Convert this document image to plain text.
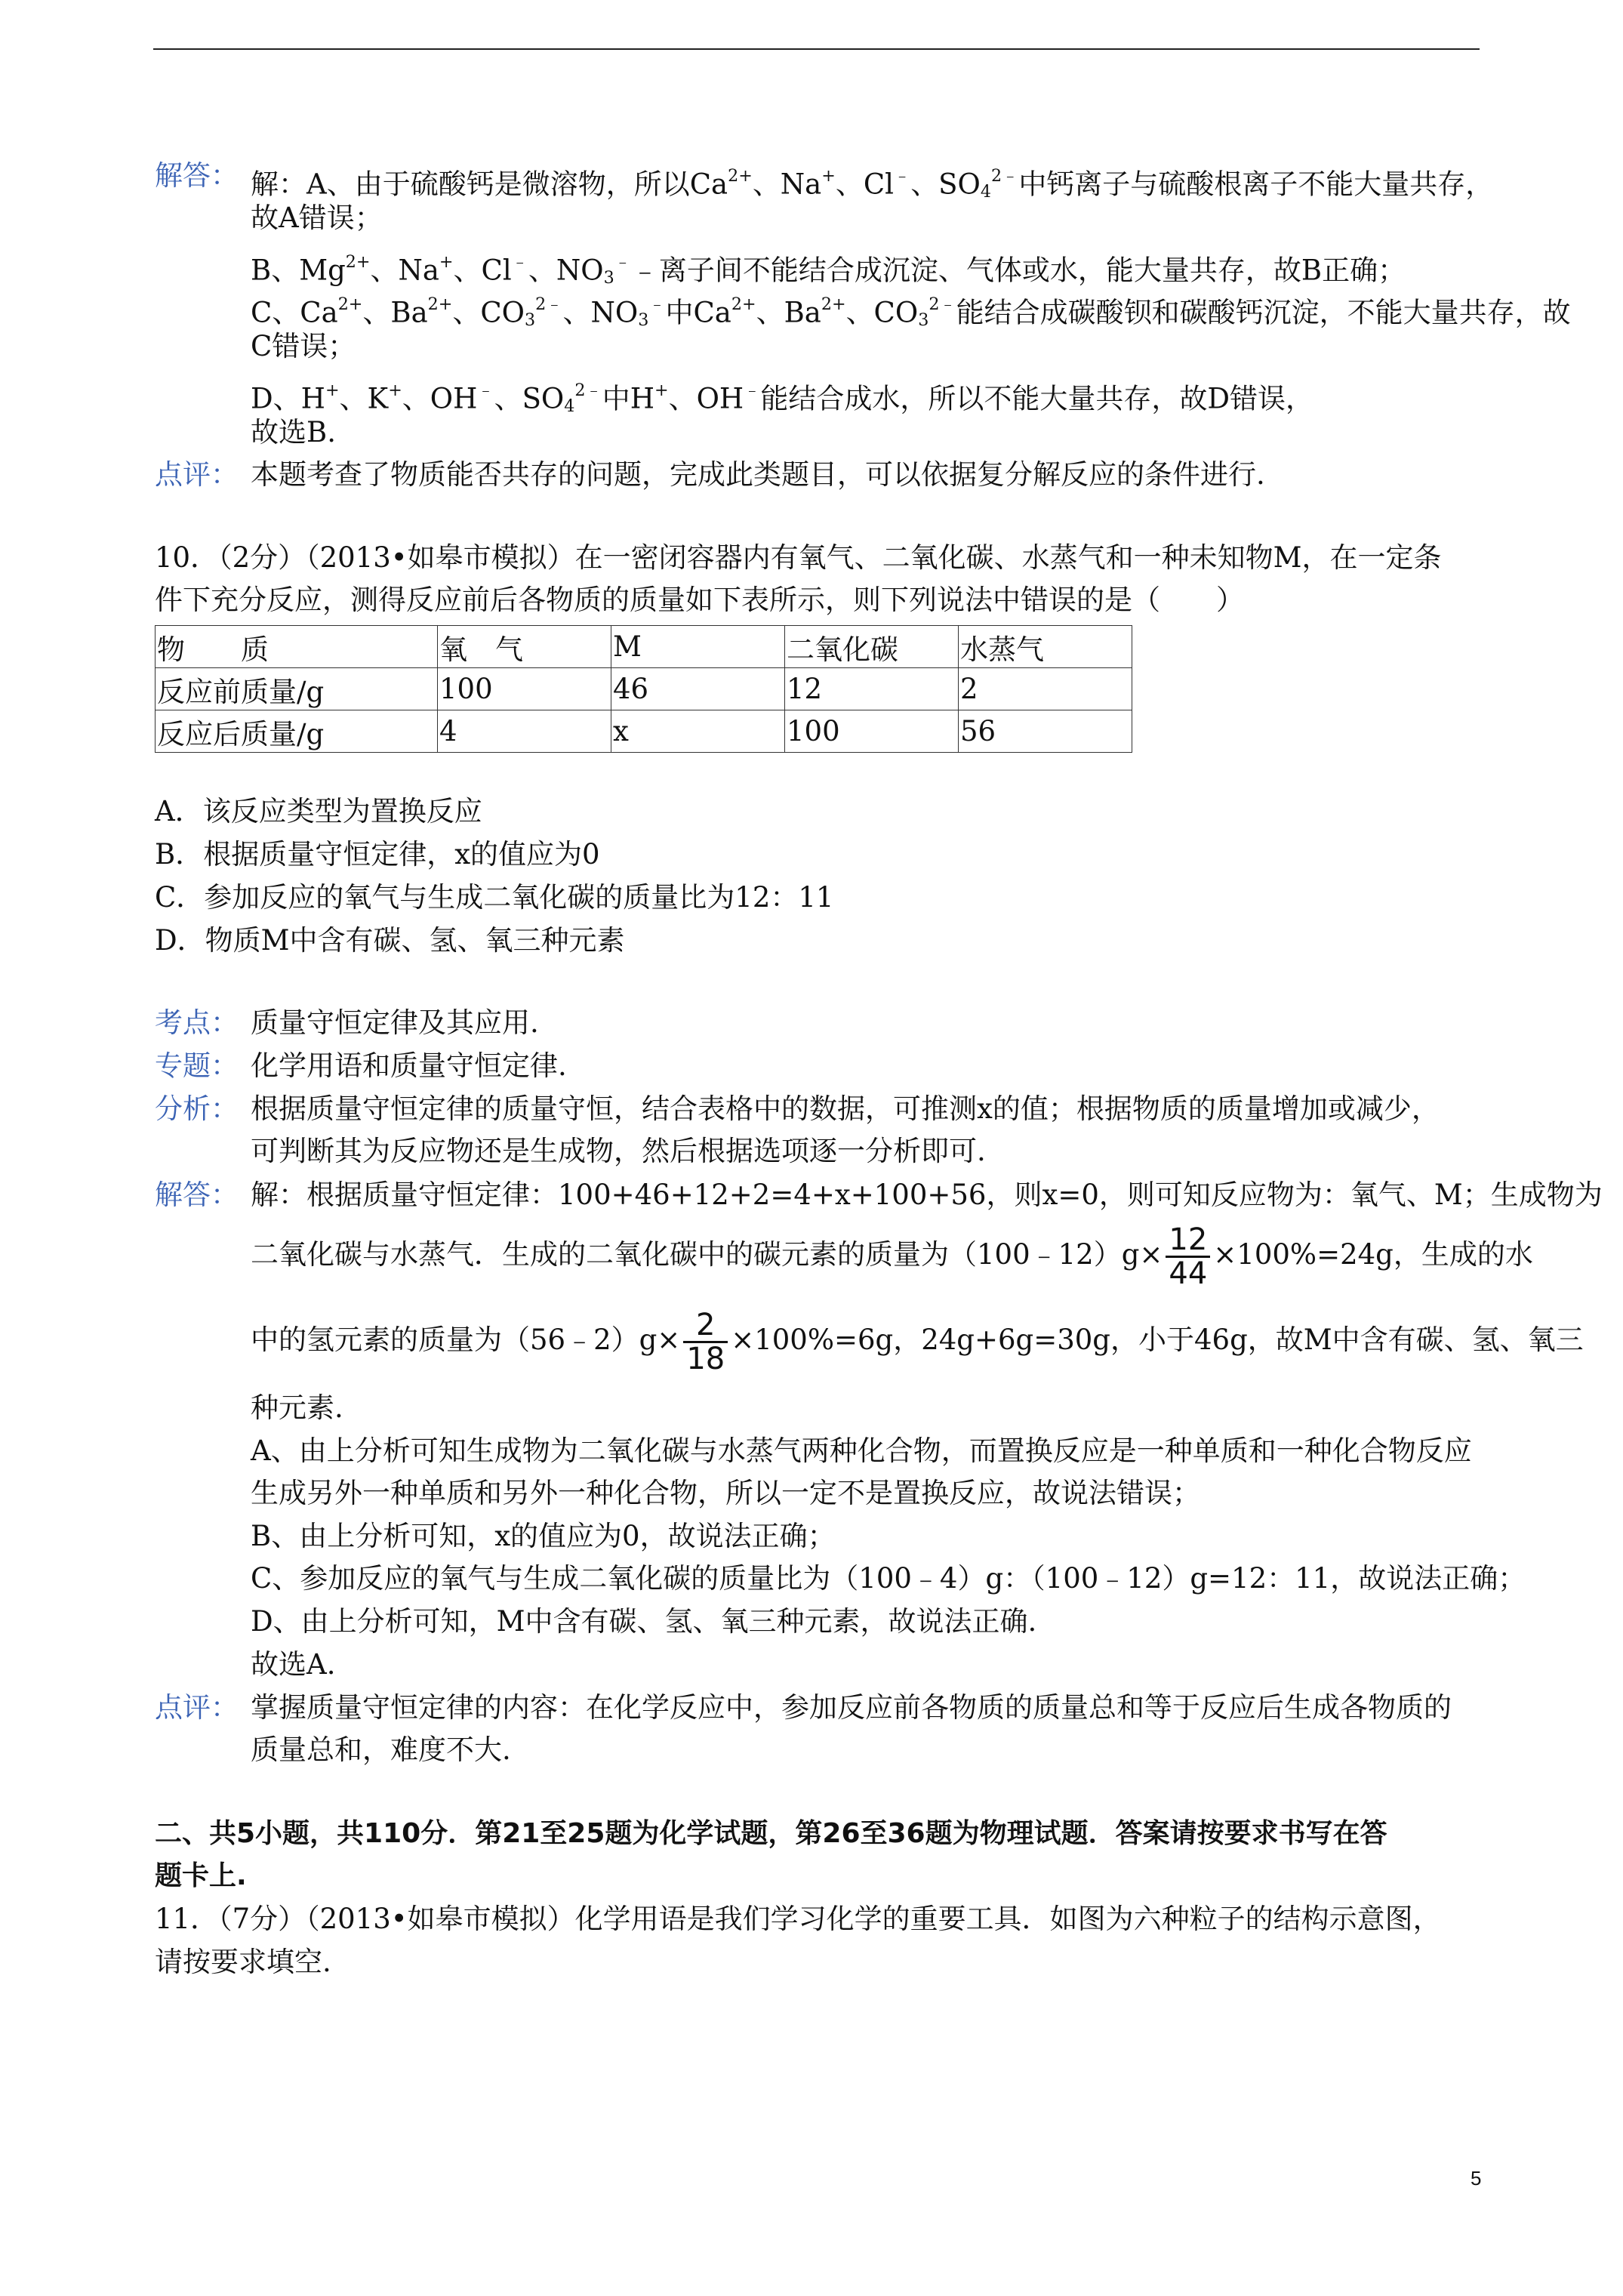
解答： 解：A、由于硫酸钙是微溶物，所以$Ca^{2+}$、Na+、Cl﹣、$SO_4^{2﹣}$中钙离子与硫酸根离子不能大量共存，
故A错误；
B、$Mg^{2+}$、Na+、Cl﹣、$NO_3^﹣﹣$离子间不能结合成沉淀、气体或水，能大量共存，故B正确；
C、$Ca^{2+}$、$Ba^{2+}$、$CO_3^{2﹣}$、$NO_3^﹣$中$Ca^{2+}$、$Ba^{2+}$、$CO_3^{2﹣}$能结合成碳酸钡和碳酸钙沉淀，不能大量共存，故
C错误；
D、H+、K+、OH﹣、$SO_4^{2﹣}$中H+、OH﹣能结合成水，所以不能大量共存，故D错误，
故选B.
点评： 本题考查了物质能否共存的问题，完成此类题目，可以依据复分解反应的条件进行.
10．（2分）（2013•如皋市模拟）在一密闭容器内有氧气、二氧化碳、水蒸气和一种未知物M，在一定条
件下充分反应，测得反应前后各物质的质量如下表所示，则下列说法中错误的是（　　）
物　　质	氧　气	M	二氧化碳	水蒸气
反应前质量/g	100	46	12	2
反应后质量/g	4	x	100	56
A．该反应类型为置换反应
B．根据质量守恒定律，x的值应为0
C．参加反应的氧气与生成二氧化碳的质量比为12：11
D．物质M中含有碳、氢、氧三种元素
考点： 质量守恒定律及其应用.
专题： 化学用语和质量守恒定律.
分析： 根据质量守恒定律的质量守恒，结合表格中的数据，可推测x的值；根据物质的质量增加或减少，
可判断其为反应物还是生成物，然后根据选项逐一分析即可.
解答： 解：根据质量守恒定律：100+46+12+2=4+x+100+56，则x=0，则可知反应物为：氧气、M；生成物为
二氧化碳与水蒸气．生成的二氧化碳中的碳元素的质量为（100﹣12）g× $\frac{12}{44} \times 100\%=24g$，生成的水
中的氢元素的质量为（56﹣2）g× $\frac{2}{18} \times 100\%=6g$，24g+6g=30g，小于46g，故M中含有碳、氢、氧三
种元素.
A、由上分析可知生成物为二氧化碳与水蒸气两种化合物，而置换反应是一种单质和一种化合物反应
生成另外一种单质和另外一种化合物，所以一定不是置换反应，故说法错误；
B、由上分析可知，x的值应为0，故说法正确；
C、参加反应的氧气与生成二氧化碳的质量比为（100﹣4）g：（100﹣12）g=12：11，故说法正确；
D、由上分析可知，M中含有碳、氢、氧三种元素，故说法正确.
故选A.
点评： 掌握质量守恒定律的内容：在化学反应中，参加反应前各物质的质量总和等于反应后生成各物质的
质量总和，难度不大.
二、共5小题，共110分．第21至25题为化学试题，第26至36题为物理试题．答案请按要求书写在答
题卡上.
11．（7分）（2013•如皋市模拟）化学用语是我们学习化学的重要工具．如图为六种粒子的结构示意图，
请按要求填空.
5
